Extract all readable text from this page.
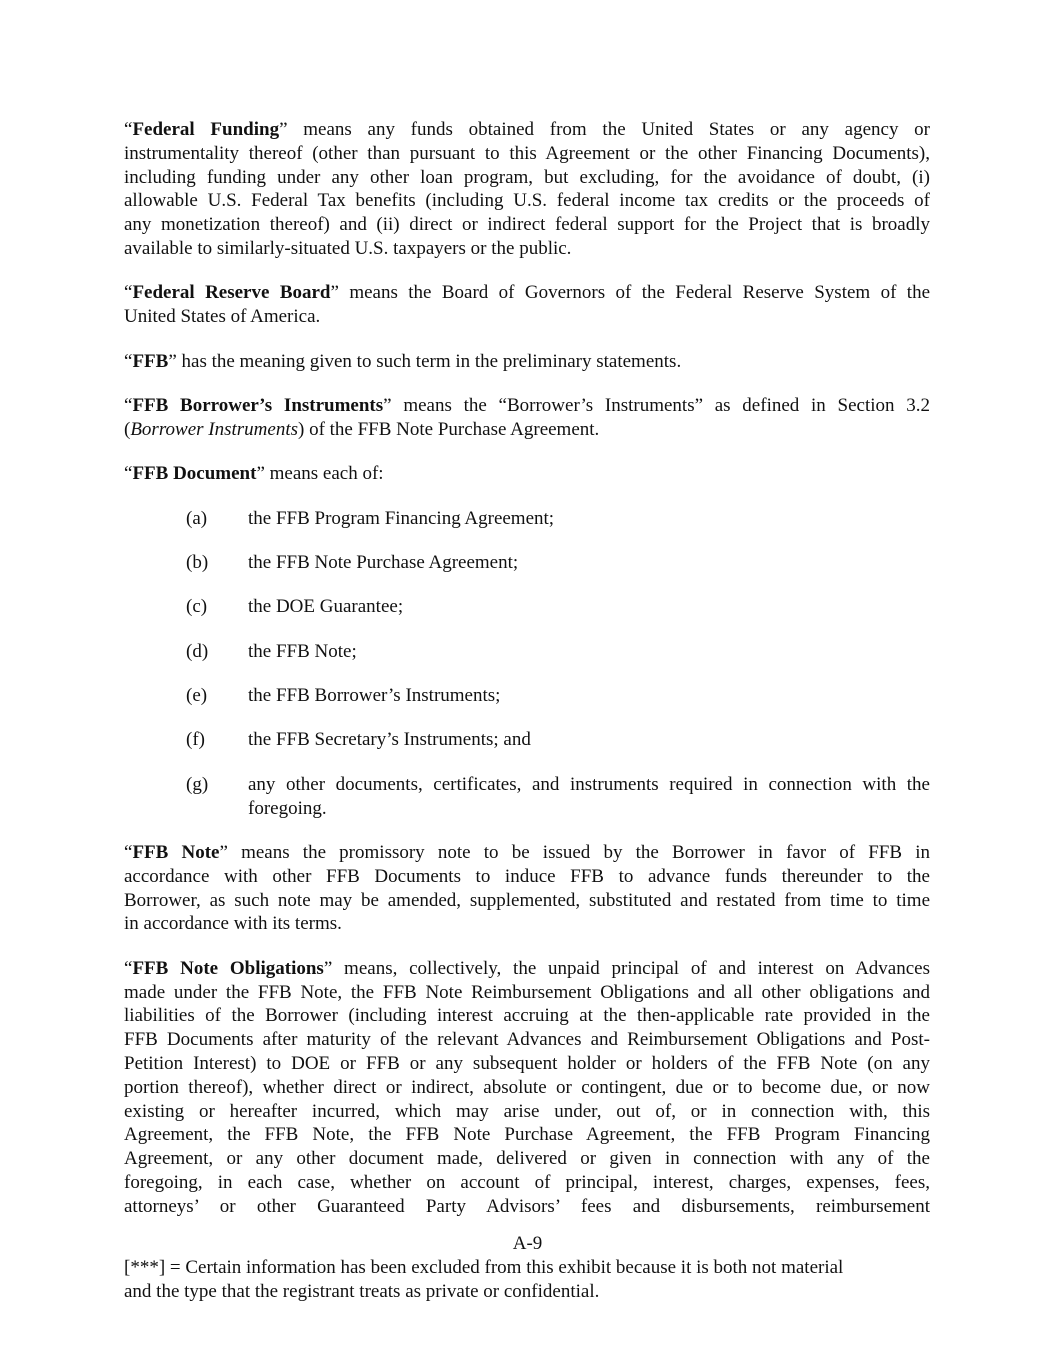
“Federal Funding” means any funds obtained from the United States or any agency or
instrumentality thereof (other than pursuant to this Agreement or the other Financing Documents),
including funding under any other loan program, but excluding, for the avoidance of doubt, (i)
allowable U.S. Federal Tax benefits (including U.S. federal income tax credits or the proceeds of
any monetization thereof) and (ii) direct or indirect federal support for the Project that is broadly
available to similarly-situated U.S. taxpayers or the public.
“Federal Reserve Board” means the Board of Governors of the Federal Reserve System of the
United States of America.
“FFB” has the meaning given to such term in the preliminary statements.
“FFB Borrower’s Instruments” means the “Borrower’s Instruments” as defined in Section 3.2
(Borrower Instruments) of the FFB Note Purchase Agreement.
“FFB Document” means each of:
(a) the FFB Program Financing Agreement;
(b) the FFB Note Purchase Agreement;
(c) the DOE Guarantee;
(d) the FFB Note;
(e) the FFB Borrower’s Instruments;
(f) the FFB Secretary’s Instruments; and
(g) any other documents, certificates, and instruments required in connection with the
foregoing.
“FFB Note” means the promissory note to be issued by the Borrower in favor of FFB in
accordance with other FFB Documents to induce FFB to advance funds thereunder to the
Borrower, as such note may be amended, supplemented, substituted and restated from time to time
in accordance with its terms.
“FFB Note Obligations” means, collectively, the unpaid principal of and interest on Advances
made under the FFB Note, the FFB Note Reimbursement Obligations and all other obligations and
liabilities of the Borrower (including interest accruing at the then-applicable rate provided in the
FFB Documents after maturity of the relevant Advances and Reimbursement Obligations and Post-
Petition Interest) to DOE or FFB or any subsequent holder or holders of the FFB Note (on any
portion thereof), whether direct or indirect, absolute or contingent, due or to become due, or now
existing or hereafter incurred, which may arise under, out of, or in connection with, this
Agreement, the FFB Note, the FFB Note Purchase Agreement, the FFB Program Financing
Agreement, or any other document made, delivered or given in connection with any of the
foregoing, in each case, whether on account of principal, interest, charges, expenses, fees,
attorneys’ or other Guaranteed Party Advisors’ fees and disbursements, reimbursement
A-9
[***] = Certain information has been excluded from this exhibit because it is both not material
and the type that the registrant treats as private or confidential.
